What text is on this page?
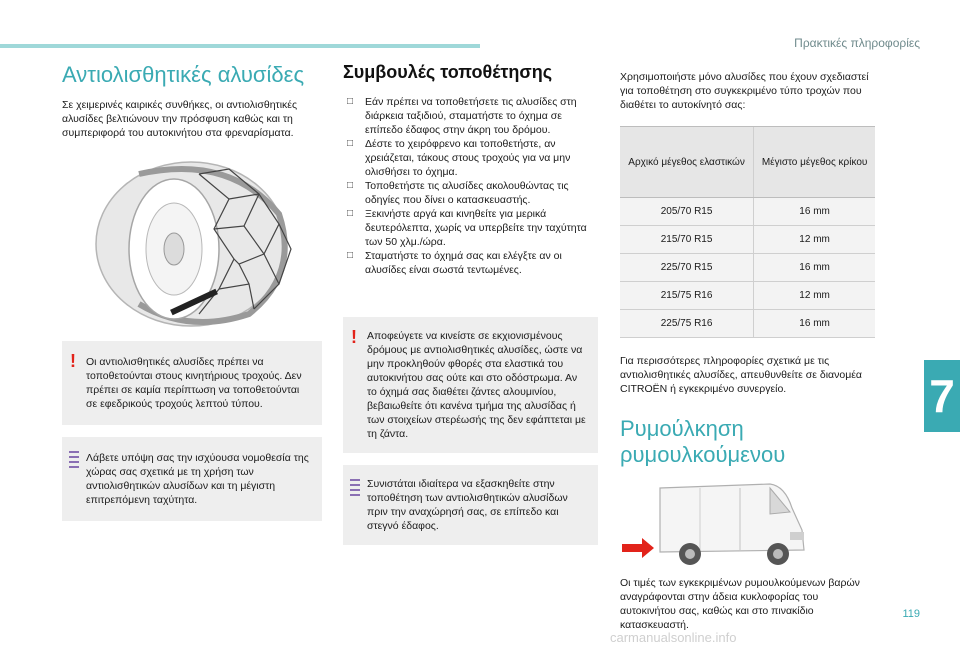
Πρακτικές πληροφορίες
Αντιολισθητικές αλυσίδες

Σε χειμερινές καιρικές συνθήκες, οι αντιολισθητικές αλυσίδες βελτιώνουν την πρόσφυση καθώς και τη συμπεριφορά του αυτοκινήτου στα φρεναρίσματα.

! Οι αντιολισθητικές αλυσίδες πρέπει να τοποθετούνται στους κινητήριους τροχούς. Δεν πρέπει σε καμία περίπτωση να τοποθετούνται σε εφεδρικούς τροχούς λεπτού τύπου.
Λάβετε υπόψη σας την ισχύουσα νομοθεσία της χώρας σας σχετικά με τη χρήση των αντιολισθητικών αλυσίδων και τη μέγιστη επιτρεπόμενη ταχύτητα.
Συμβουλές τοποθέτησης
□ Εάν πρέπει να τοποθετήσετε τις αλυσίδες στη διάρκεια ταξιδιού, σταματήστε το όχημα σε επίπεδο έδαφος στην άκρη του δρόμου.
□ Δέστε το χειρόφρενο και τοποθετήστε, αν χρειάζεται, τάκους στους τροχούς για να μην ολισθήσει το όχημα.
□ Τοποθετήστε τις αλυσίδες ακολουθώντας τις οδηγίες που δίνει ο κατασκευαστής.
□ Ξεκινήστε αργά και κινηθείτε για μερικά δευτερόλεπτα, χωρίς να υπερβείτε την ταχύτητα των 50 χλμ./ώρα.
□ Σταματήστε το όχημά σας και ελέγξτε αν οι αλυσίδες είναι σωστά τεντωμένες.
! Αποφεύγετε να κινείστε σε εκχιονισμένους δρόμους με αντιολισθητικές αλυσίδες, ώστε να μην προκληθούν φθορές στα ελαστικά του αυτοκινήτου σας ούτε και στο οδόστρωμα. Αν το όχημά σας διαθέτει ζάντες αλουμινίου, βεβαιωθείτε ότι κανένα τμήμα της αλυσίδας ή των στοιχείων στερέωσής της δεν εφάπτεται με τη ζάντα.
Συνιστάται ιδιαίτερα να εξασκηθείτε στην τοποθέτηση των αντιολισθητικών αλυσίδων πριν την αναχώρησή σας, σε επίπεδο και στεγνό έδαφος.

Χρησιμοποιήστε μόνο αλυσίδες που έχουν σχεδιαστεί για τοποθέτηση στο συγκεκριμένο τύπο τροχών που διαθέτει το αυτοκίνητό σας:

Αρχικό μέγεθος ελαστικών	Μέγιστο μέγεθος κρίκου
205/70 R15	16 mm
215/70 R15	12 mm
225/70 R15	16 mm
215/75 R16	12 mm
225/75 R16	16 mm

Για περισσότερες πληροφορίες σχετικά με τις αντιολισθητικές αλυσίδες, απευθυνθείτε σε διανομέα CITROËN ή εγκεκριμένο συνεργείο.

Ρυμούλκηση
ρυμουλκούμενου

Οι τιμές των εγκεκριμένων ρυμουλκούμενων βαρών αναγράφονται στην άδεια κυκλοφορίας του αυτοκινήτου σας, καθώς και στο πινακίδιο κατασκευαστή.

7
119
carmanualsonline.info
